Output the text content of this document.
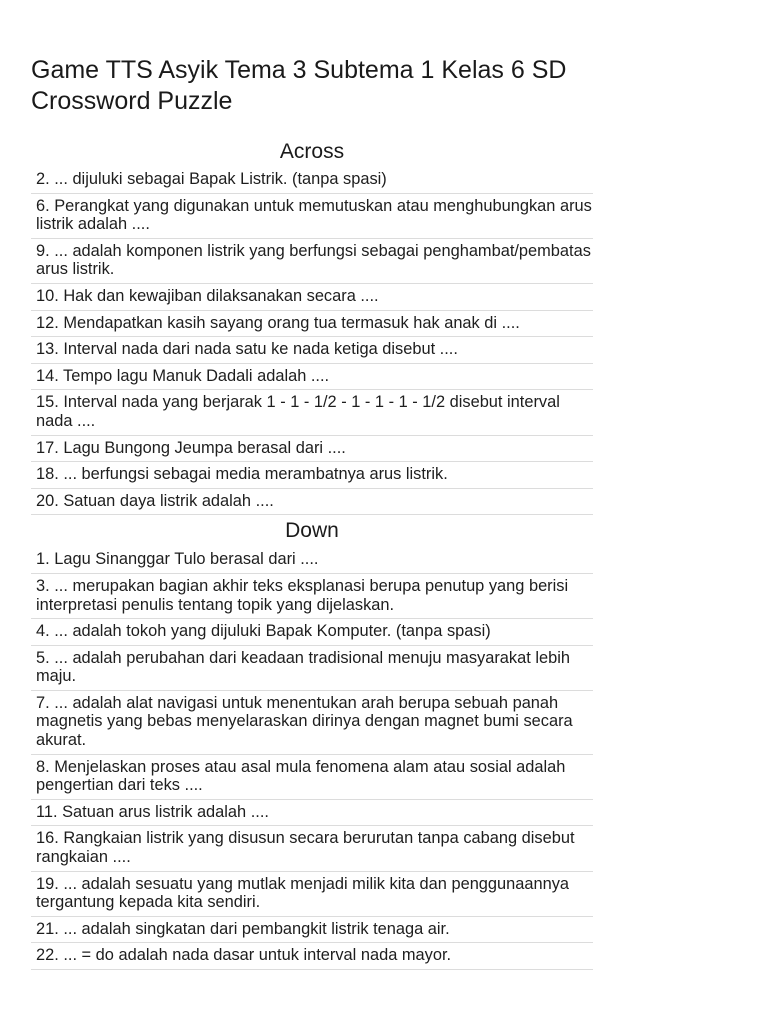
Game TTS Asyik Tema 3 Subtema 1 Kelas 6 SD
Crossword Puzzle
Across
2. ... dijuluki sebagai Bapak Listrik. (tanpa spasi)
6. Perangkat yang digunakan untuk memutuskan atau menghubungkan arus listrik adalah ....
9. ... adalah komponen listrik yang berfungsi sebagai penghambat/pembatas arus listrik.
10. Hak dan kewajiban dilaksanakan secara ....
12. Mendapatkan kasih sayang orang tua termasuk hak anak di ....
13. Interval nada dari nada satu ke nada ketiga disebut ....
14. Tempo lagu Manuk Dadali adalah ....
15. Interval nada yang berjarak 1 - 1 - 1/2 - 1 - 1 - 1 - 1/2 disebut interval nada ....
17. Lagu Bungong Jeumpa berasal dari ....
18. ... berfungsi sebagai media merambatnya arus listrik.
20. Satuan daya listrik adalah ....
Down
1. Lagu Sinanggar Tulo berasal dari ....
3. ... merupakan bagian akhir teks eksplanasi berupa penutup yang berisi interpretasi penulis tentang topik yang dijelaskan.
4. ... adalah tokoh yang dijuluki Bapak Komputer. (tanpa spasi)
5. ... adalah perubahan dari keadaan tradisional menuju masyarakat lebih maju.
7. ... adalah alat navigasi untuk menentukan arah berupa sebuah panah magnetis yang bebas menyelaraskan dirinya dengan magnet bumi secara akurat.
8. Menjelaskan proses atau asal mula fenomena alam atau sosial adalah pengertian dari teks ....
11. Satuan arus listrik adalah ....
16. Rangkaian listrik yang disusun secara berurutan tanpa cabang disebut rangkaian ....
19. ... adalah sesuatu yang mutlak menjadi milik kita dan penggunaannya tergantung kepada kita sendiri.
21. ... adalah singkatan dari pembangkit listrik tenaga air.
22. ... = do adalah nada dasar untuk interval nada mayor.
